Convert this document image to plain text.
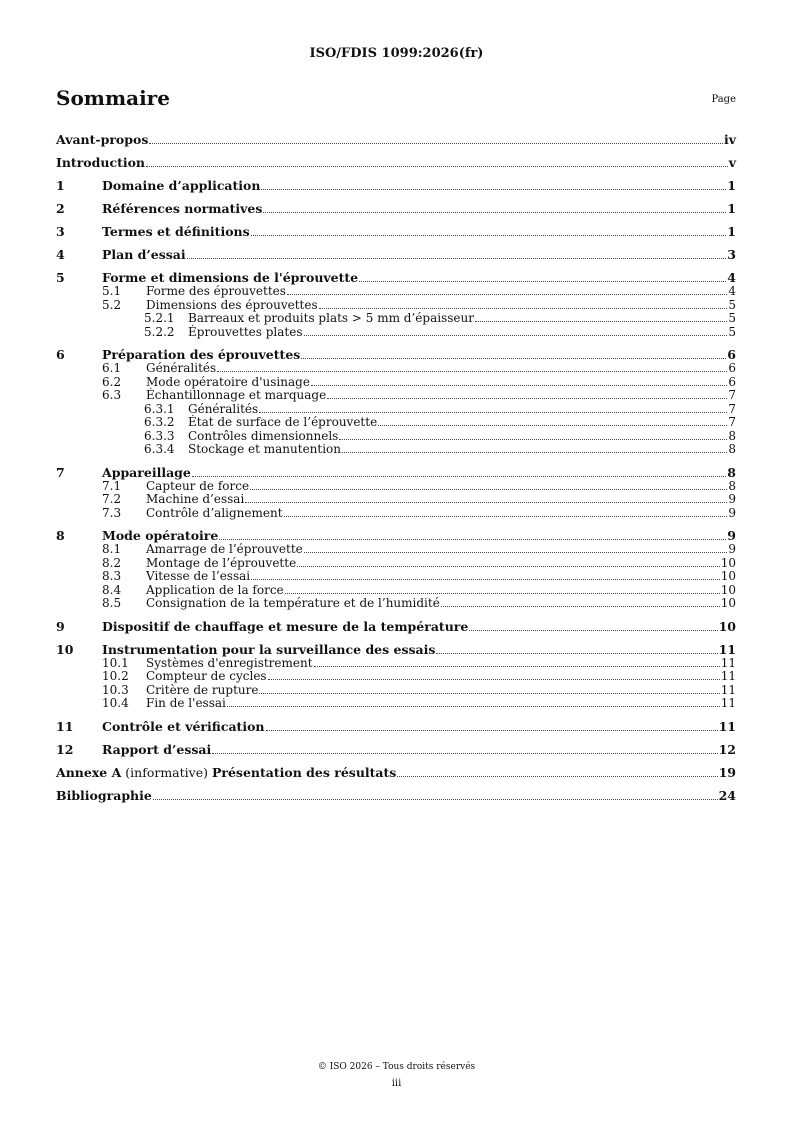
ISO/FDIS 1099:2026(fr)
Sommaire	Page
Avant-propos	iv
Introduction	v
1	Domaine d’application	1
2	Références normatives	1
3	Termes et définitions	1
4	Plan d’essai	3
5	Forme et dimensions de l'éprouvette	4
5.1	Forme des éprouvettes	4
5.2	Dimensions des éprouvettes	5
5.2.1	Barreaux et produits plats > 5 mm d’épaisseur	5
5.2.2	Éprouvettes plates	5
6	Préparation des éprouvettes	6
6.1	Généralités	6
6.2	Mode opératoire d'usinage	6
6.3	Échantillonnage et marquage	7
6.3.1	Généralités	7
6.3.2	État de surface de l’éprouvette	7
6.3.3	Contrôles dimensionnels	8
6.3.4	Stockage et manutention	8
7	Appareillage	8
7.1	Capteur de force	8
7.2	Machine d’essai	9
7.3	Contrôle d’alignement	9
8	Mode opératoire	9
8.1	Amarrage de l’éprouvette	9
8.2	Montage de l’éprouvette	10
8.3	Vitesse de l’essai	10
8.4	Application de la force	10
8.5	Consignation de la température et de l’humidité	10
9	Dispositif de chauffage et mesure de la température	10
10	Instrumentation pour la surveillance des essais	11
10.1	Systèmes d'enregistrement	11
10.2	Compteur de cycles	11
10.3	Critère de rupture	11
10.4	Fin de l'essai	11
11	Contrôle et vérification	11
12	Rapport d’essai	12
Annexe A (informative) Présentation des résultats	19
Bibliographie	24
© ISO 2026 – Tous droits réservés
iii
